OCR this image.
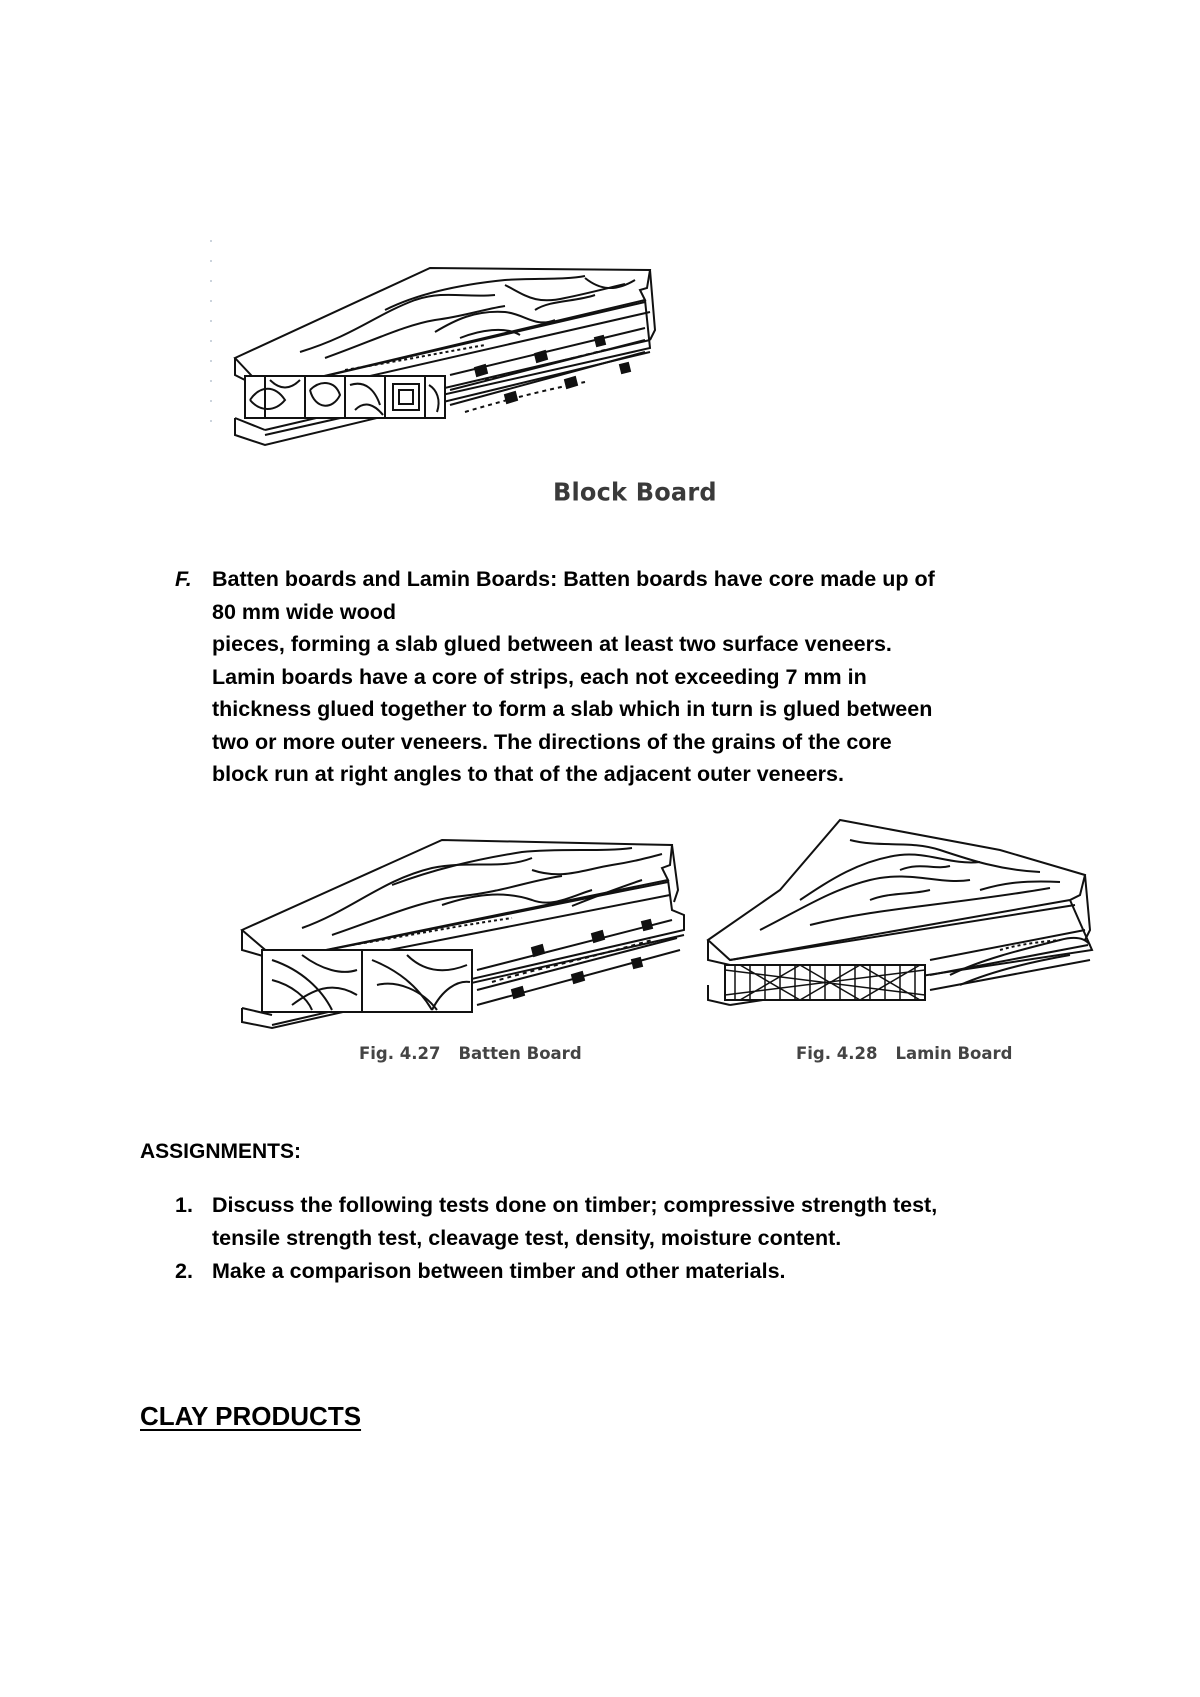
Block Board
F. Batten boards and Lamin Boards: Batten boards have core made up of
80 mm wide wood
pieces, forming a slab glued between at least two surface veneers.
Lamin boards have a core of strips, each not exceeding 7 mm in
thickness glued together to form a slab which in turn is glued between
two or more outer veneers. The directions of the grains of the core
block run at right angles to that of the adjacent outer veneers.
Fig. 4.27 Batten Board	Fig. 4.28 Lamin Board
ASSIGNMENTS:
1. Discuss the following tests done on timber; compressive strength test,
tensile strength test, cleavage test, density, moisture content.
2. Make a comparison between timber and other materials.
CLAY PRODUCTS
